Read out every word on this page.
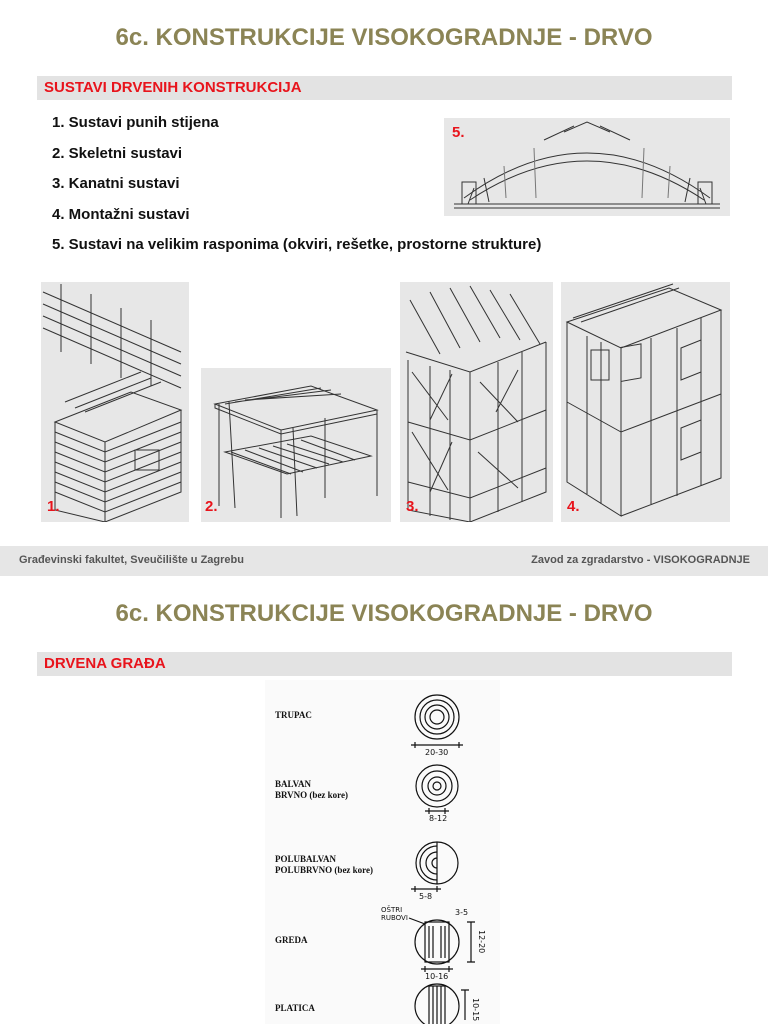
6c. KONSTRUKCIJE VISOKOGRADNJE - DRVO
SUSTAVI DRVENIH KONSTRUKCIJA
1. Sustavi punih stijena
2. Skeletni sustavi
3. Kanatni sustavi
4. Montažni sustavi
5. Sustavi na velikim rasponima (okviri, rešetke, prostorne strukture)
5.
1.	2.	3.	4.
Građevinski fakultet, Sveučilište u Zagrebu	Zavod za zgradarstvo - VISOKOGRADNJE
6c. KONSTRUKCIJE VISOKOGRADNJE - DRVO
DRVENA GRAĐA
TRUPAC
BALVAN
BRVNO (bez kore)
POLUBALVAN
POLUBRVNO (bez kore)
GREDA
PLATICA
20-30
8-12
5-8
10-16
10-15
OŠTRI RUBOVI
12-20
3-5
